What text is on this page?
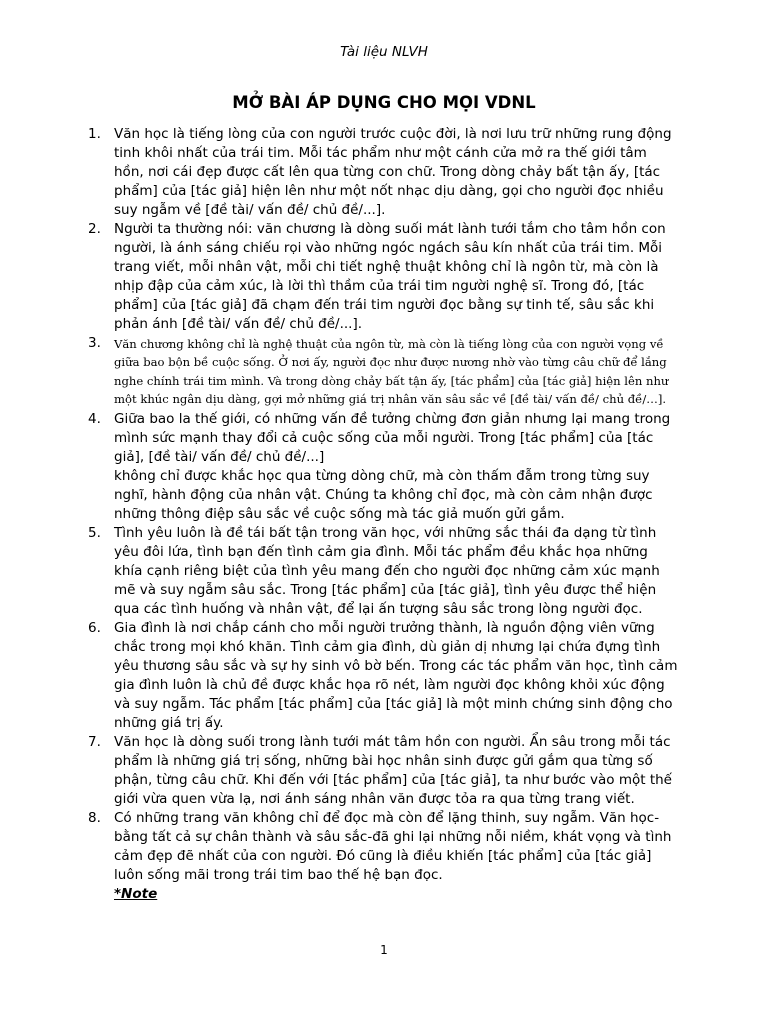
Tài liệu NLVH
MỞ BÀI ÁP DỤNG CHO MỌI VDNL
1. Văn học là tiếng lòng của con người trước cuộc đời, là nơi lưu trữ những rung động tinh khôi nhất của trái tim. Mỗi tác phẩm như một cánh cửa mở ra thế giới tâm hồn, nơi cái đẹp được cất lên qua từng con chữ. Trong dòng chảy bất tận ấy, [tác phẩm] của [tác giả] hiện lên như một nốt nhạc dịu dàng, gọi cho người đọc nhiều suy ngẫm về [đề tài/ vấn đề/ chủ đề/...].
2. Người ta thường nói: văn chương là dòng suối mát lành tưới tắm cho tâm hồn con người, là ánh sáng chiếu rọi vào những ngóc ngách sâu kín nhất của trái tim. Mỗi trang viết, mỗi nhân vật, mỗi chi tiết nghệ thuật không chỉ là ngôn từ, mà còn là nhịp đập của cảm xúc, là lời thì thầm của trái tim người nghệ sĩ. Trong đó, [tác phẩm] của [tác giả] đã chạm đến trái tim người đọc bằng sự tinh tế, sâu sắc khi phản ánh [đề tài/ vấn đề/ chủ đề/...].
3. Văn chương không chỉ là nghệ thuật của ngôn từ, mà còn là tiếng lòng của con người vọng về giữa bao bộn bề cuộc sống. Ở nơi ấy, người đọc như được nương nhờ vào từng câu chữ để lắng nghe chính trái tim mình. Và trong dòng chảy bất tận ấy, [tác phẩm] của [tác giả] hiện lên như một khúc ngân dịu dàng, gợi mở những giá trị nhân văn sâu sắc về [đề tài/ vấn đề/ chủ đề/…].
4. Giữa bao la thế giới, có những vấn đề tưởng chừng đơn giản nhưng lại mang trong mình sức mạnh thay đổi cả cuộc sống của mỗi người. Trong [tác phẩm] của [tác giả], [đề tài/ vấn đề/ chủ đề/...]
không chỉ được khắc học qua từng dòng chữ, mà còn thấm đẫm trong từng suy nghĩ, hành động của nhân vật. Chúng ta không chỉ đọc, mà còn cảm nhận được những thông điệp sâu sắc về cuộc sống mà tác giả muốn gửi gắm.
5. Tình yêu luôn là đề tái bất tận trong văn học, với những sắc thái đa dạng từ tình yêu đôi lứa, tình bạn đến tình cảm gia đình. Mỗi tác phẩm đều khắc họa những khía cạnh riêng biệt của tình yêu mang đến cho người đọc những cảm xúc mạnh mẽ và suy ngẫm sâu sắc. Trong [tác phẩm] của [tác giả], tình yêu được thể hiện qua các tình huống và nhân vật, để lại ấn tượng sâu sắc trong lòng người đọc.
6. Gia đình là nơi chắp cánh cho mỗi người trưởng thành, là nguồn động viên vững chắc trong mọi khó khăn. Tình cảm gia đình, dù giản dị nhưng lại chứa đựng tình yêu thương sâu sắc và sự hy sinh vô bờ bến. Trong các tác phẩm văn học, tình cảm gia đình luôn là chủ đề được khắc họa rõ nét, làm người đọc không khỏi xúc động và suy ngẫm. Tác phẩm [tác phẩm] của [tác giả] là một minh chứng sinh động cho những giá trị ấy.
7. Văn học là dòng suối trong lành tưới mát tâm hồn con người. Ẩn sâu trong mỗi tác phẩm là những giá trị sống, những bài học nhân sinh được gửi gắm qua từng số phận, từng câu chữ. Khi đến với [tác phẩm] của [tác giả], ta như bước vào một thế giới vừa quen vừa lạ, nơi ánh sáng nhân văn được tỏa ra qua từng trang viết.
8. Có những trang văn không chỉ để đọc mà còn để lặng thinh, suy ngẫm. Văn học- bằng tất cả sự chân thành và sâu sắc-đã ghi lại những nỗi niềm, khát vọng và tình cảm đẹp đẽ nhất của con người. Đó cũng là điều khiến [tác phẩm] của [tác giả] luôn sống mãi trong trái tim bao thế hệ bạn đọc.
*Note
1
